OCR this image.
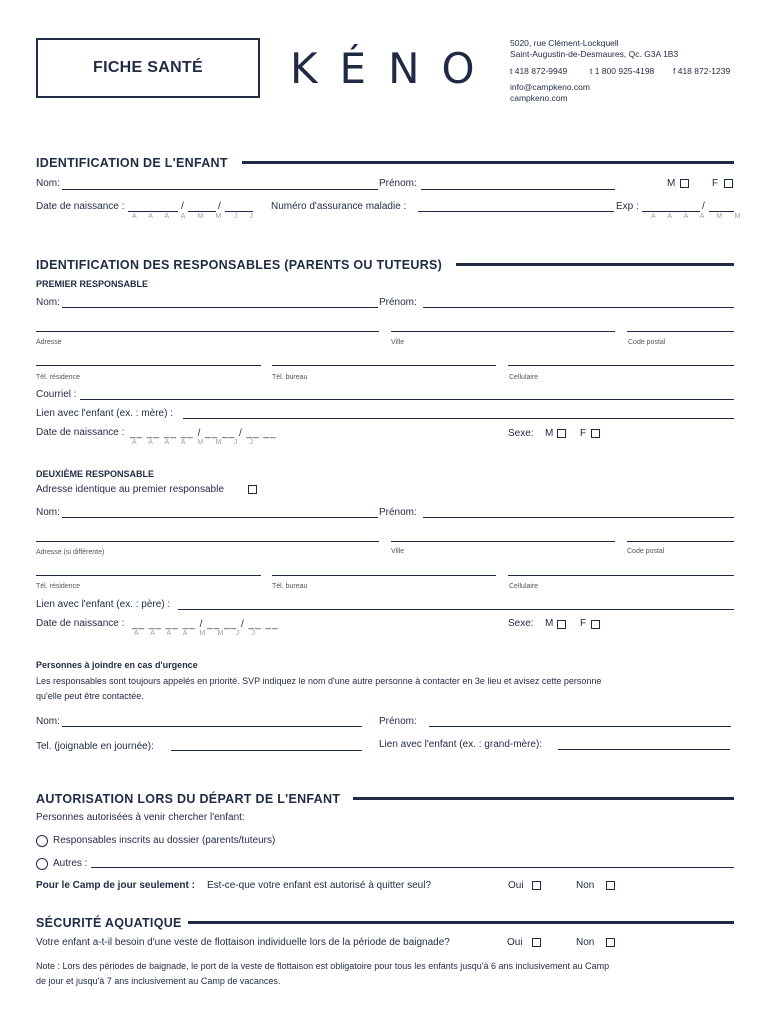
FICHE SANTÉ	KÉNO
5020, rue Clément-Lockquell
Saint-Augustin-de-Desmaures, Qc. G3A 1B3
t 418 872-9949	t 1 800 925-4198 f 418 872-1239
info@campkeno.com
campkeno.com
IDENTIFICATION DE L'ENFANT
Nom:	Prénom:	M	F
Date de naissance :	/	/
A A A A M M J J
Numéro d'assurance maladie :	Exp :	/
A A A A M M
IDENTIFICATION DES RESPONSABLES (PARENTS OU TUTEURS)
PREMIER RESPONSABLE
Nom:	Prénom:
Adresse	Ville	Code postal
Tél. résidence	Tél. bureau	Cellulaire
Courriel :
Lien avec l'enfant (ex. : mère) :
Date de naissance : __ __ __ __ / __ __ / __ __
A A A A M M J J
Sexe: M	F
DEUXIÈME RESPONSABLE
Adresse identique au premier responsable
Nom:	Prénom:
Adresse (si différente)	Ville	Code postal
Tél. résidence	Tél. bureau	Cellulaire
Lien avec l'enfant (ex. : père) :
Date de naissance : __ __ __ __ / __ __ / __ __
A A A A M M J J
Sexe: M	F
Personnes à joindre en cas d'urgence
Les responsables sont toujours appelés en priorité. SVP indiquez le nom d'une autre personne à contacter en 3e lieu et avisez cette personne
qu'elle peut être contactée.
Nom:	Prénom:
Tel. (joignable en journée):	Lien avec l'enfant (ex. : grand-mère):
AUTORISATION LORS DU DÉPART DE L'ENFANT
Personnes autorisées à venir chercher l'enfant:
Responsables inscrits au dossier (parents/tuteurs)
Autres :
Pour le Camp de jour seulement : Est-ce-que votre enfant est autorisé à quitter seul?	Oui	Non
SÉCURITÉ AQUATIQUE
Votre enfant a-t-il besoin d'une veste de flottaison individuelle lors de la période de baignade?	Oui	Non
Note : Lors des périodes de baignade, le port de la veste de flottaison est obligatoire pour tous les enfants jusqu'à 6 ans inclusivement au Camp
de jour et jusqu'à 7 ans inclusivement au Camp de vacances.
